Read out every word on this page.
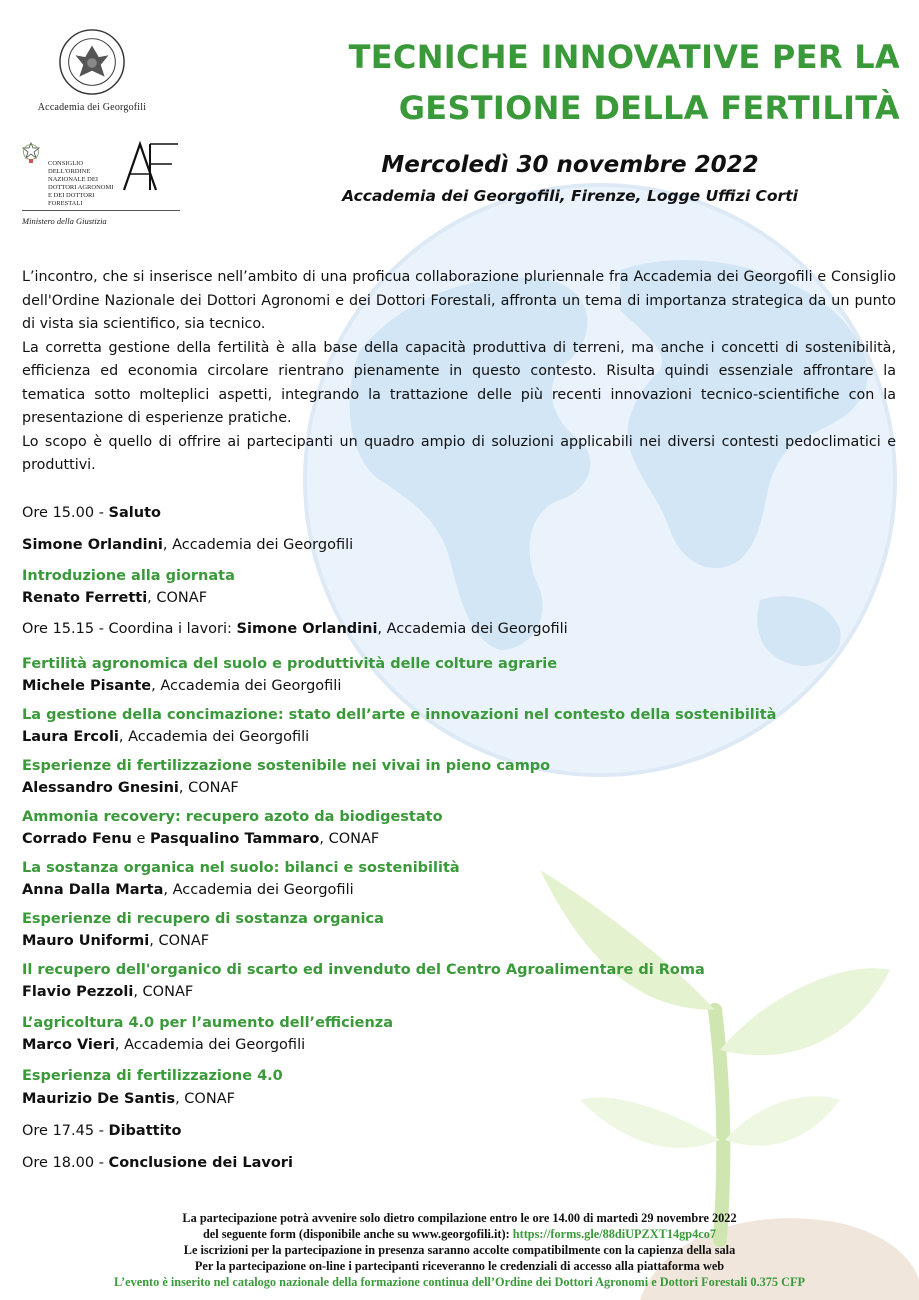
Accademia dei Georgofili
CONSIGLIO DELL'ORDINE NAZIONALE DEI DOTTORI AGRONOMI E DEI DOTTORI FORESTALI
Ministero della Giustizia
TECNICHE INNOVATIVE PER LA
GESTIONE DELLA FERTILITÀ
Mercoledì 30 novembre 2022
Accademia dei Georgofili, Firenze, Logge Uffizi Corti

L’incontro, che si inserisce nell’ambito di una proficua collaborazione pluriennale fra Accademia dei Georgofili e Consiglio dell'Ordine Nazionale dei Dottori Agronomi e dei Dottori Forestali, affronta un tema di importanza strategica da un punto di vista sia scientifico, sia tecnico.

La corretta gestione della fertilità è alla base della capacità produttiva di terreni, ma anche i concetti di sostenibilità, efficienza ed economia circolare rientrano pienamente in questo contesto. Risulta quindi essenziale affrontare la tematica sotto molteplici aspetti, integrando la trattazione delle più recenti innovazioni tecnico-scientifiche con la presentazione di esperienze pratiche.

Lo scopo è quello di offrire ai partecipanti un quadro ampio di soluzioni applicabili nei diversi contesti pedoclimatici e produttivi.

Ore 15.00 - Saluto
Simone Orlandini, Accademia dei Georgofili
Introduzione alla giornata
Renato Ferretti, CONAF
Ore 15.15 - Coordina i lavori: Simone Orlandini, Accademia dei Georgofili
Fertilità agronomica del suolo e produttività delle colture agrarie
Michele Pisante, Accademia dei Georgofili
La gestione della concimazione: stato dell’arte e innovazioni nel contesto della sostenibilità
Laura Ercoli, Accademia dei Georgofili
Esperienze di fertilizzazione sostenibile nei vivai in pieno campo
Alessandro Gnesini, CONAF
Ammonia recovery: recupero azoto da biodigestato
Corrado Fenu e Pasqualino Tammaro, CONAF
La sostanza organica nel suolo: bilanci e sostenibilità
Anna Dalla Marta, Accademia dei Georgofili
Esperienze di recupero di sostanza organica
Mauro Uniformi, CONAF
Il recupero dell'organico di scarto ed invenduto del Centro Agroalimentare di Roma
Flavio Pezzoli, CONAF
L’agricoltura 4.0 per l’aumento dell’efficienza
Marco Vieri, Accademia dei Georgofili
Esperienza di fertilizzazione 4.0
Maurizio De Santis, CONAF
Ore 17.45 - Dibattito
Ore 18.00 - Conclusione dei Lavori
La partecipazione potrà avvenire solo dietro compilazione entro le ore 14.00 di martedì 29 novembre 2022
del seguente form (disponibile anche su www.georgofili.it): https://forms.gle/88diUPZXT14gp4co7
Le iscrizioni per la partecipazione in presenza saranno accolte compatibilmente con la capienza della sala
Per la partecipazione on-line i partecipanti riceveranno le credenziali di accesso alla piattaforma web
L’evento è inserito nel catalogo nazionale della formazione continua dell’Ordine dei Dottori Agronomi e Dottori Forestali 0.375 CFP
